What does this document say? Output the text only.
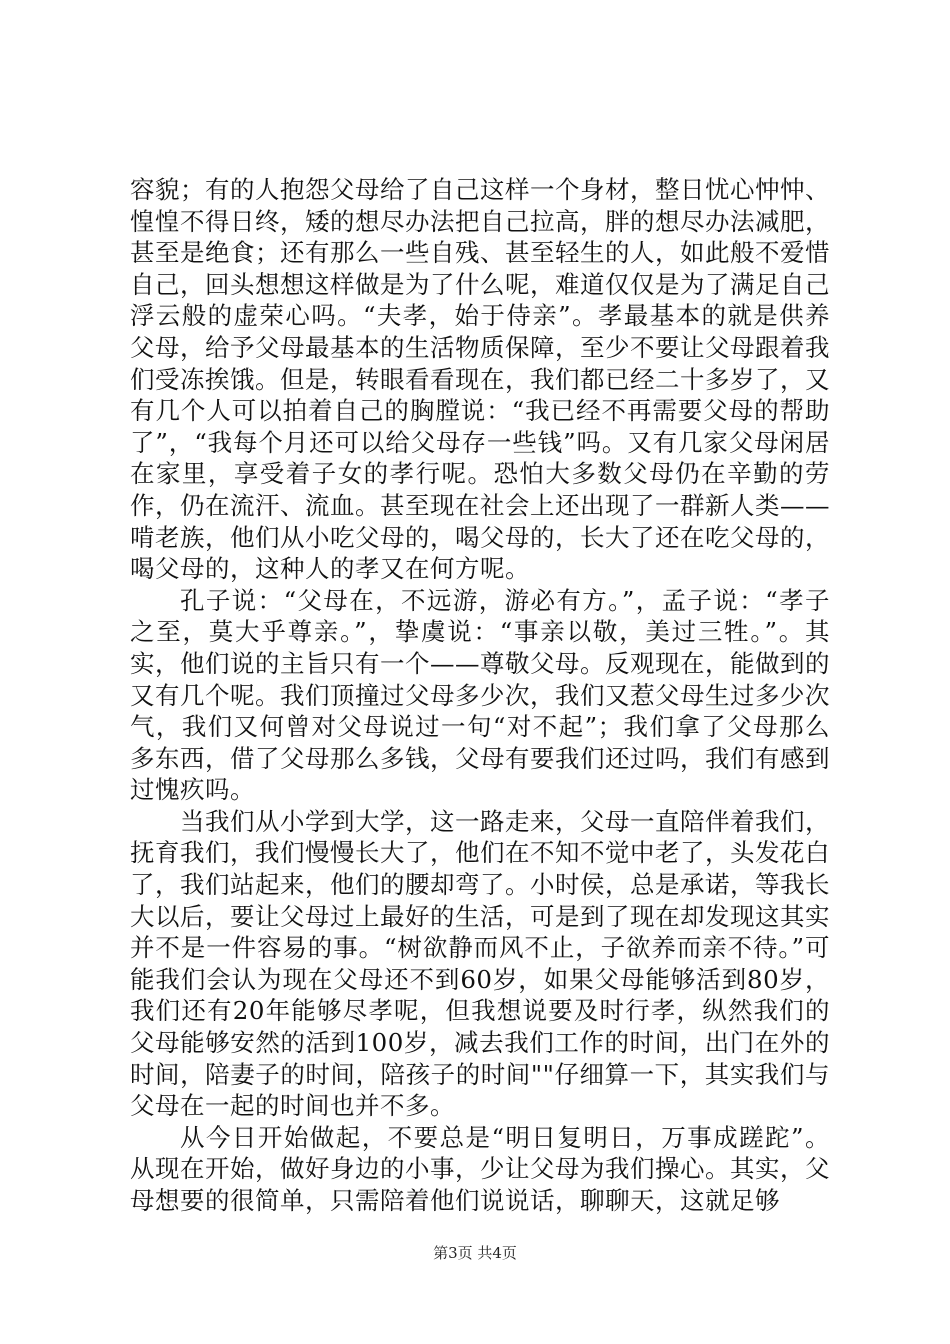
容貌；有的人抱怨父母给了自己这样一个身材，整日忧心忡忡、惶惶不得日终，矮的想尽办法把自己拉高，胖的想尽办法减肥，甚至是绝食；还有那么一些自残、甚至轻生的人，如此般不爱惜自己，回头想想这样做是为了什么呢，难道仅仅是为了满足自己浮云般的虚荣心吗。“夫孝，始于侍亲”。孝最基本的就是供养父母，给予父母最基本的生活物质保障，至少不要让父母跟着我们受冻挨饿。但是，转眼看看现在，我们都已经二十多岁了，又有几个人可以拍着自己的胸膛说：“我已经不再需要父母的帮助了”，“我每个月还可以给父母存一些钱”吗。又有几家父母闲居在家里，享受着子女的孝行呢。恐怕大多数父母仍在辛勤的劳作，仍在流汗、流血。甚至现在社会上还出现了一群新人类——啃老族，他们从小吃父母的，喝父母的，长大了还在吃父母的，喝父母的，这种人的孝又在何方呢。

孔子说：“父母在，不远游，游必有方。”，孟子说：“孝子之至，莫大乎尊亲。”，挚虞说：“事亲以敬，美过三牲。”。其实，他们说的主旨只有一个——尊敬父母。反观现在，能做到的又有几个呢。我们顶撞过父母多少次，我们又惹父母生过多少次气，我们又何曾对父母说过一句“对不起”；我们拿了父母那么多东西，借了父母那么多钱，父母有要我们还过吗，我们有感到过愧疚吗。

当我们从小学到大学，这一路走来，父母一直陪伴着我们，抚育我们，我们慢慢长大了，他们在不知不觉中老了，头发花白了，我们站起来，他们的腰却弯了。小时侯，总是承诺，等我长大以后，要让父母过上最好的生活，可是到了现在却发现这其实并不是一件容易的事。“树欲静而风不止，子欲养而亲不待。”可能我们会认为现在父母还不到60岁，如果父母能够活到80岁，我们还有20年能够尽孝呢，但我想说要及时行孝，纵然我们的父母能够安然的活到100岁，减去我们工作的时间，出门在外的时间，陪妻子的时间，陪孩子的时间""仔细算一下，其实我们与父母在一起的时间也并不多。

从今日开始做起，不要总是“明日复明日，万事成蹉跎”。从现在开始，做好身边的小事，少让父母为我们操心。其实，父母想要的很简单，只需陪着他们说说话，聊聊天，这就足够

第3页 共4页
